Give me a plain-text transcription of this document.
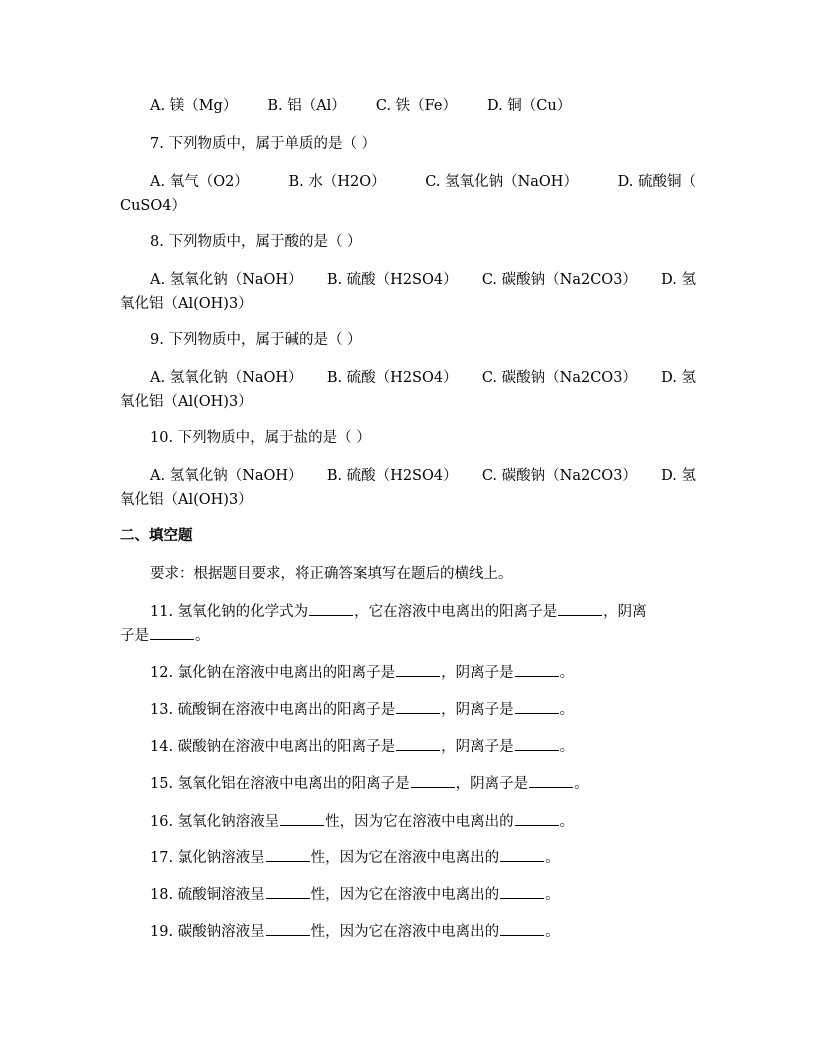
A. 镁（Mg） B. 铝（Al） C. 铁（Fe） D. 铜（Cu）
7. 下列物质中，属于单质的是（ ）
A. 氧气（O2）	B. 水（H2O）	C. 氢氧化钠（NaOH）	D. 硫酸铜（
CuSO4）
8. 下列物质中，属于酸的是（ ）
A. 氢氧化钠（NaOH） B. 硫酸（H2SO4） C. 碳酸钠（Na2CO3） D. 氢
氧化铝（Al(OH)3）
9. 下列物质中，属于碱的是（ ）
A. 氢氧化钠（NaOH） B. 硫酸（H2SO4） C. 碳酸钠（Na2CO3） D. 氢
氧化铝（Al(OH)3）
10. 下列物质中，属于盐的是（ ）
A. 氢氧化钠（NaOH） B. 硫酸（H2SO4） C. 碳酸钠（Na2CO3） D. 氢
氧化铝（Al(OH)3）
二、填空题
要求：根据题目要求，将正确答案填写在题后的横线上。
11. 氢氧化钠的化学式为	，它在溶液中电离出的阳离子是	，阴离
子是	。
12. 氯化钠在溶液中电离出的阳离子是	，阴离子是	。
13. 硫酸铜在溶液中电离出的阳离子是	，阴离子是	。
14. 碳酸钠在溶液中电离出的阳离子是	，阴离子是	。
15. 氢氧化铝在溶液中电离出的阳离子是	，阴离子是	。
16. 氢氧化钠溶液呈	性，因为它在溶液中电离出的	。
17. 氯化钠溶液呈	性，因为它在溶液中电离出的	。
18. 硫酸铜溶液呈	性，因为它在溶液中电离出的	。
19. 碳酸钠溶液呈	性，因为它在溶液中电离出的	。
